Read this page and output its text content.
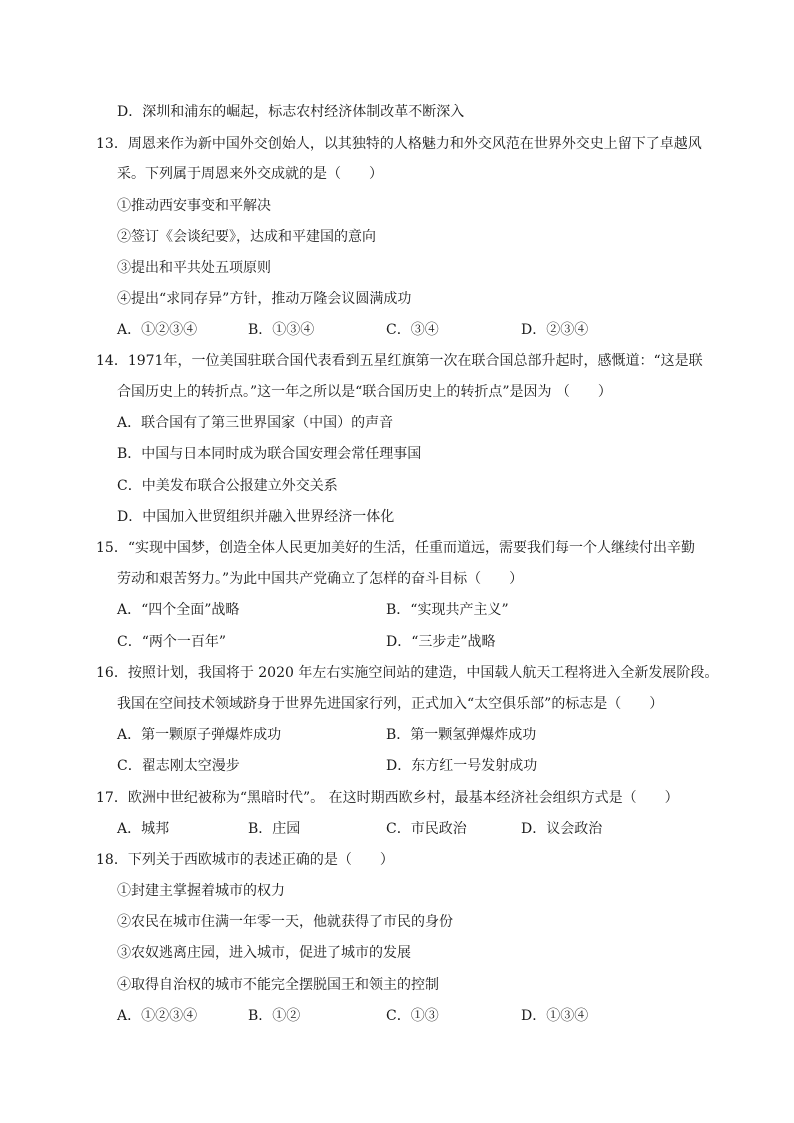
D．深圳和浦东的崛起，标志农村经济体制改革不断深入
13．周恩来作为新中国外交创始人，以其独特的人格魅力和外交风范在世界外交史上留下了卓越风
采。下列属于周恩来外交成就的是（　　）
①推动西安事变和平解决
②签订《会谈纪要》，达成和平建国的意向
③提出和平共处五项原则
④提出“求同存异”方针，推动万隆会议圆满成功
A．①②③④	B．①③④	C．③④	D．②③④
14．1971年，一位美国驻联合国代表看到五星红旗第一次在联合国总部升起时，感慨道：“这是联
合国历史上的转折点。”这一年之所以是“联合国历史上的转折点”是因为 （　　）
A．联合国有了第三世界国家（中国）的声音
B．中国与日本同时成为联合国安理会常任理事国
C．中美发布联合公报建立外交关系
D．中国加入世贸组织并融入世界经济一体化
15．“实现中国梦，创造全体人民更加美好的生活，任重而道远，需要我们每一个人继续付出辛勤
劳动和艰苦努力。”为此中国共产党确立了怎样的奋斗目标（　　）
A．“四个全面”战略	B．“实现共产主义”
C．“两个一百年”	D．“三步走”战略
16．按照计划，我国将于 2020 年左右实施空间站的建造，中国载人航天工程将进入全新发展阶段。
我国在空间技术领域跻身于世界先进国家行列，正式加入“太空俱乐部”的标志是（　　）
A．第一颗原子弹爆炸成功	B．第一颗氢弹爆炸成功
C．翟志刚太空漫步	D．东方红一号发射成功
17．欧洲中世纪被称为“黑暗时代”。 在这时期西欧乡村，最基本经济社会组织方式是（　　）
A．城邦	B．庄园	C．市民政治	D．议会政治
18．下列关于西欧城市的表述正确的是（　　）
①封建主掌握着城市的权力
②农民在城市住满一年零一天，他就获得了市民的身份
③农奴逃离庄园，进入城市，促进了城市的发展
④取得自治权的城市不能完全摆脱国王和领主的控制
A．①②③④	B．①②	C．①③	D．①③④
